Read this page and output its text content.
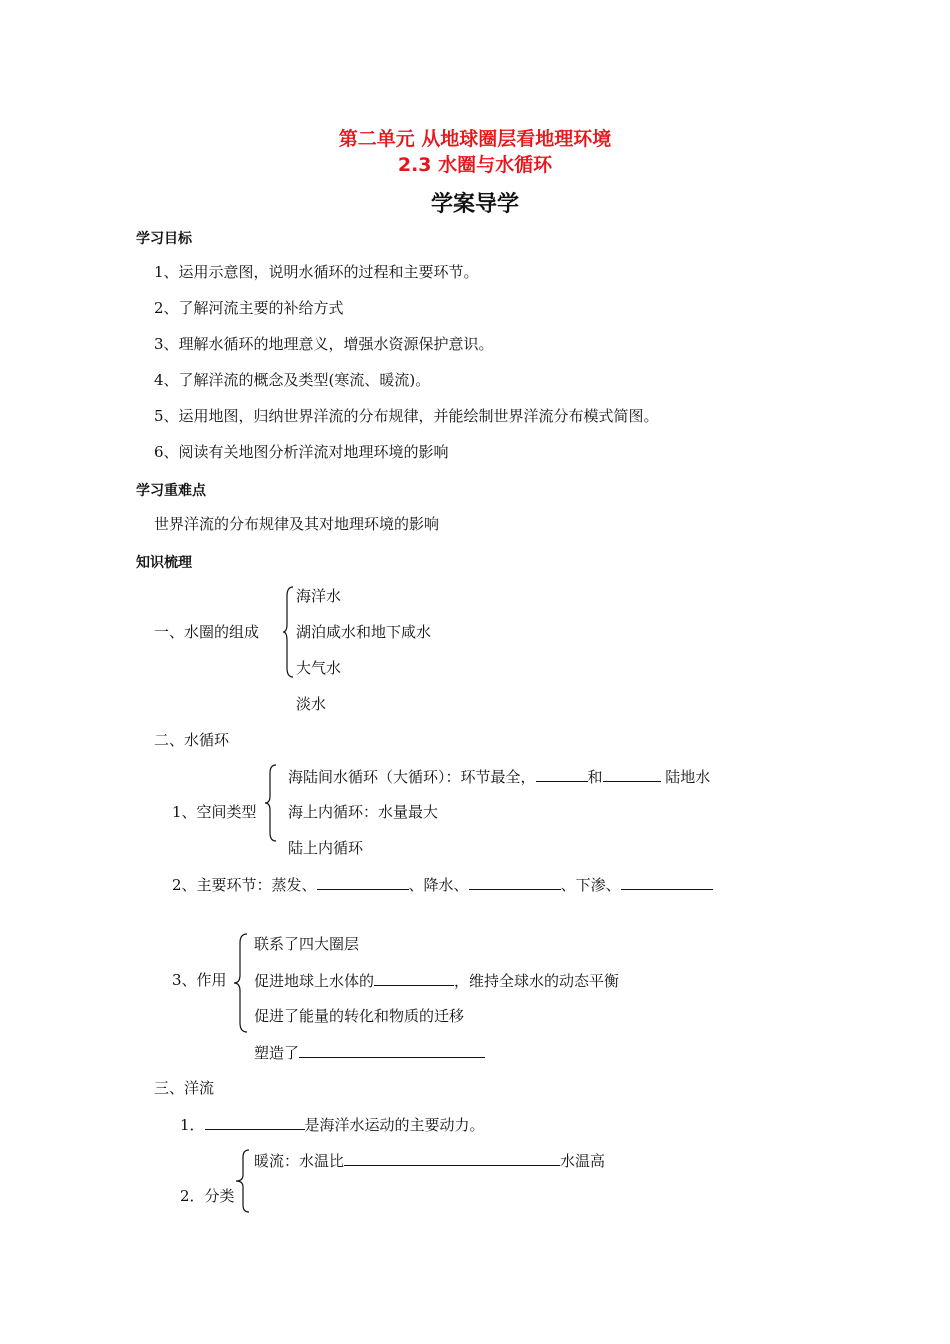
第二单元 从地球圈层看地理环境
2.3 水圈与水循环
学案导学
学习目标
1、运用示意图，说明水循环的过程和主要环节。
2、了解河流主要的补给方式
3、理解水循环的地理意义，增强水资源保护意识。
4、了解洋流的概念及类型(寒流、暖流)。
5、运用地图，归纳世界洋流的分布规律，并能绘制世界洋流分布模式简图。
6、阅读有关地图分析洋流对地理环境的影响
学习重难点
世界洋流的分布规律及其对地理环境的影响
知识梳理
一、水圈的组成
海洋水
湖泊咸水和地下咸水
大气水
淡水
二、水循环
1、空间类型
海陆间水循环（大循环）：环节最全，	和	陆地水
海上内循环：水量最大
陆上内循环
2、主要环节：蒸发、	、降水、	、下渗、
3、作用
联系了四大圈层
促进地球上水体的	，维持全球水的动态平衡
促进了能量的转化和物质的迁移
塑造了
三、洋流
1．	是海洋水运动的主要动力。
2．分类
暖流：水温比	水温高
